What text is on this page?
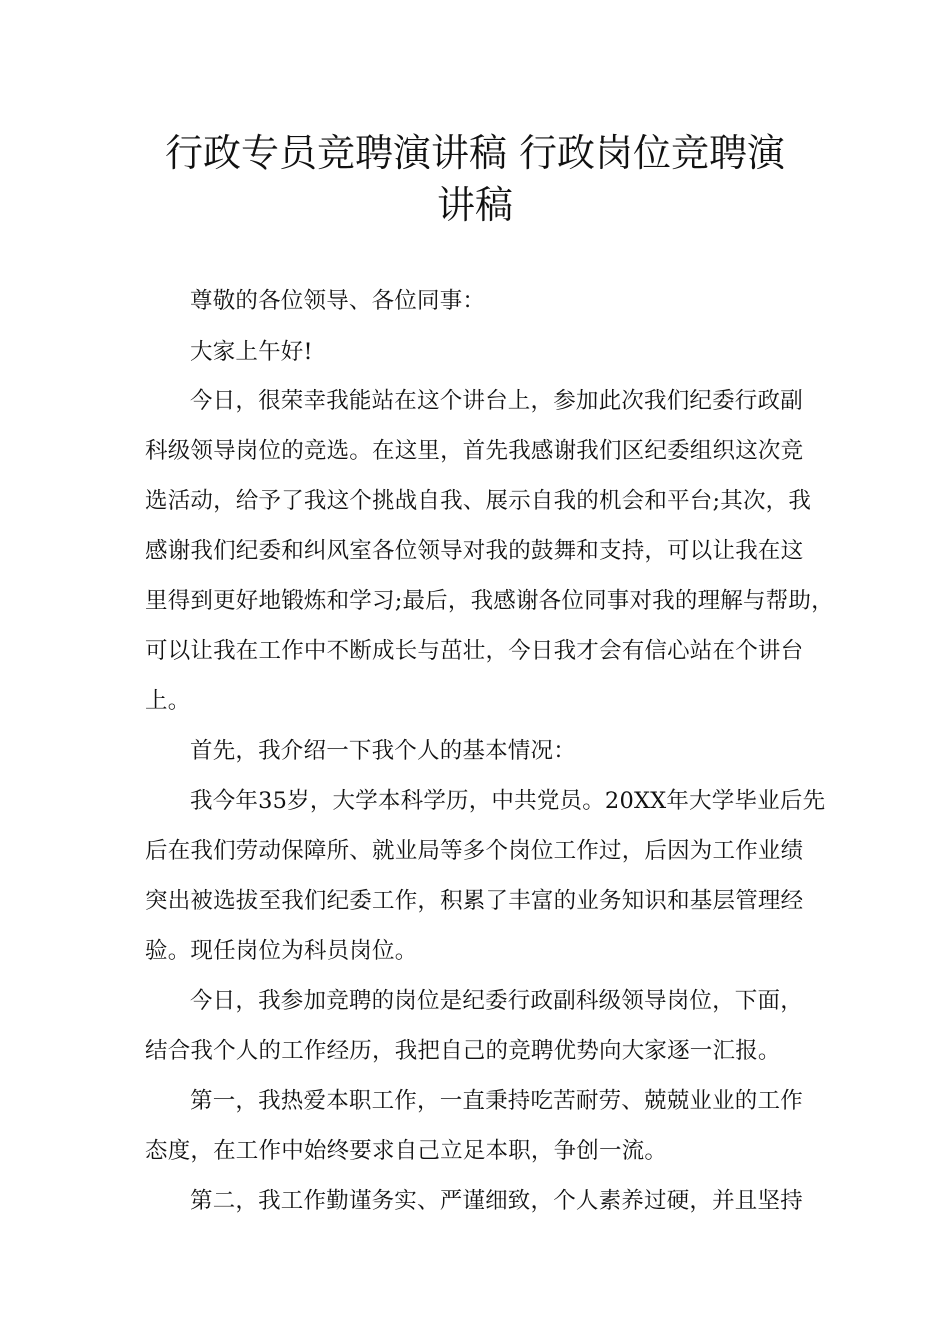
行政专员竞聘演讲稿 行政岗位竞聘演
讲稿
尊敬的各位领导、各位同事：
大家上午好!
今日，很荣幸我能站在这个讲台上，参加此次我们纪委行政副
科级领导岗位的竞选。在这里，首先我感谢我们区纪委组织这次竞
选活动，给予了我这个挑战自我、展示自我的机会和平台;其次，我
感谢我们纪委和纠风室各位领导对我的鼓舞和支持，可以让我在这
里得到更好地锻炼和学习;最后，我感谢各位同事对我的理解与帮助，
可以让我在工作中不断成长与茁壮，今日我才会有信心站在个讲台
上。
首先，我介绍一下我个人的基本情况：
我今年35岁，大学本科学历，中共党员。20XX年大学毕业后先
后在我们劳动保障所、就业局等多个岗位工作过，后因为工作业绩
突出被选拔至我们纪委工作，积累了丰富的业务知识和基层管理经
验。现任岗位为科员岗位。
今日，我参加竞聘的岗位是纪委行政副科级领导岗位，下面，
结合我个人的工作经历，我把自己的竞聘优势向大家逐一汇报。
第一，我热爱本职工作，一直秉持吃苦耐劳、兢兢业业的工作
态度，在工作中始终要求自己立足本职，争创一流。
第二，我工作勤谨务实、严谨细致，个人素养过硬，并且坚持
